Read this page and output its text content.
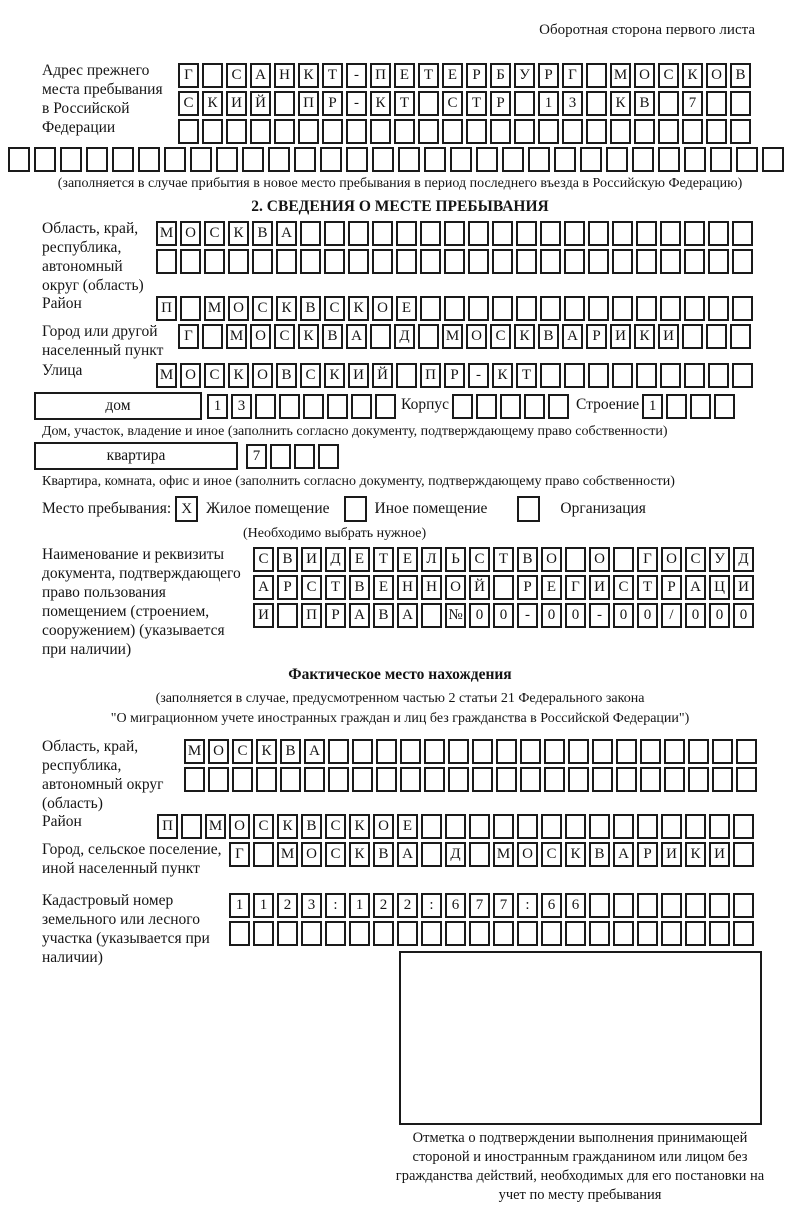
Оборотная сторона первого листа
Адрес прежнего места пребывания в Российской Федерации
Г	С А Н К Т	-	П Е Т Е	Р	Б У Р	Г	М О С К О В
С К И Й	П Р	-	К Т	С Т	Р	1	3	К В	7
(заполняется в случае прибытия в новое место пребывания в период последнего въезда в Российскую Федерацию)
2. СВЕДЕНИЯ О МЕСТЕ ПРЕБЫВАНИЯ
Область, край, республика, автономный округ (область)
М О С К В А
Район	П	М О С К В С К О Е
Город или другой населенный пункт
Г	М О С К В А	Д	М О С К В А Р И К И
Улица	М О С К О В С К И Й	П Р	-	К Т
дом	1	3	Корпус	Строение 1
Дом, участок, владение и иное (заполнить согласно документу, подтверждающему право собственности)
квартира	7
Квартира, комната, офис и иное (заполнить согласно документу, подтверждающему право собственности)
Место пребывания: X Жилое помещение	Иное помещение	Организация
(Необходимо выбрать нужное)
Наименование и реквизиты документа, подтверждающего право пользования помещением (строением, сооружением) (указывается при наличии)
С В И Д Е Т Е Л Ь С Т В О	О	Г О С У Д
А Р С Т В Е Н Н О Й	Р	Е	Г И С Т	Р А Ц И
И	П Р А В А	№ 0	0	-	0	0	-	0	0	/	0	0	0
Фактическое место нахождения
(заполняется в случае, предусмотренном частью 2 статьи 21 Федерального закона
"О миграционном учете иностранных граждан и лиц без гражданства в Российской Федерации")
Область, край, республика, автономный округ (область)
М О С К В А
Район	П	М О С К В С К О Е
Город, сельское поселение, иной населенный пункт
Г	М О С К В А	Д	М О С К В А Р И К И
Кадастровый номер земельного или лесного участка (указывается при наличии)
1	1	2	3	:	1	2	2	:	6	7	7	:	6	6
Отметка о подтверждении выполнения принимающей стороной и иностранным гражданином или лицом без гражданства действий, необходимых для его постановки на учет по месту пребывания
